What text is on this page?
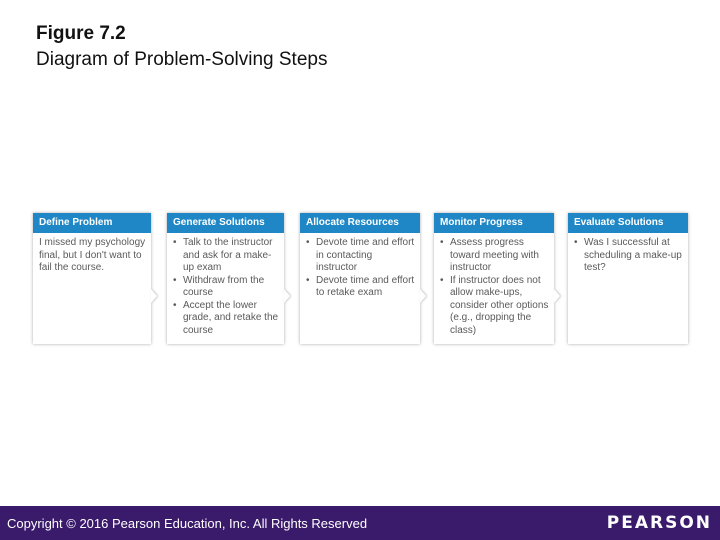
Figure 7.2
Diagram of Problem-Solving Steps
Define Problem

I missed my psychology final, but I don't want to fail the course.

Generate Solutions
• Talk to the instructor and ask for a make-up exam
• Withdraw from the course
• Accept the lower grade, and retake the course
Allocate Resources
• Devote time and effort in contacting instructor
• Devote time and effort to retake exam
Monitor Progress
• Assess progress toward meeting with instructor
• If instructor does not allow make-ups, consider other options (e.g., dropping the class)
Evaluate Solutions
• Was I successful at scheduling a make-up test?
Copyright © 2016 Pearson Education, Inc. All Rights Reserved	PEARSON
